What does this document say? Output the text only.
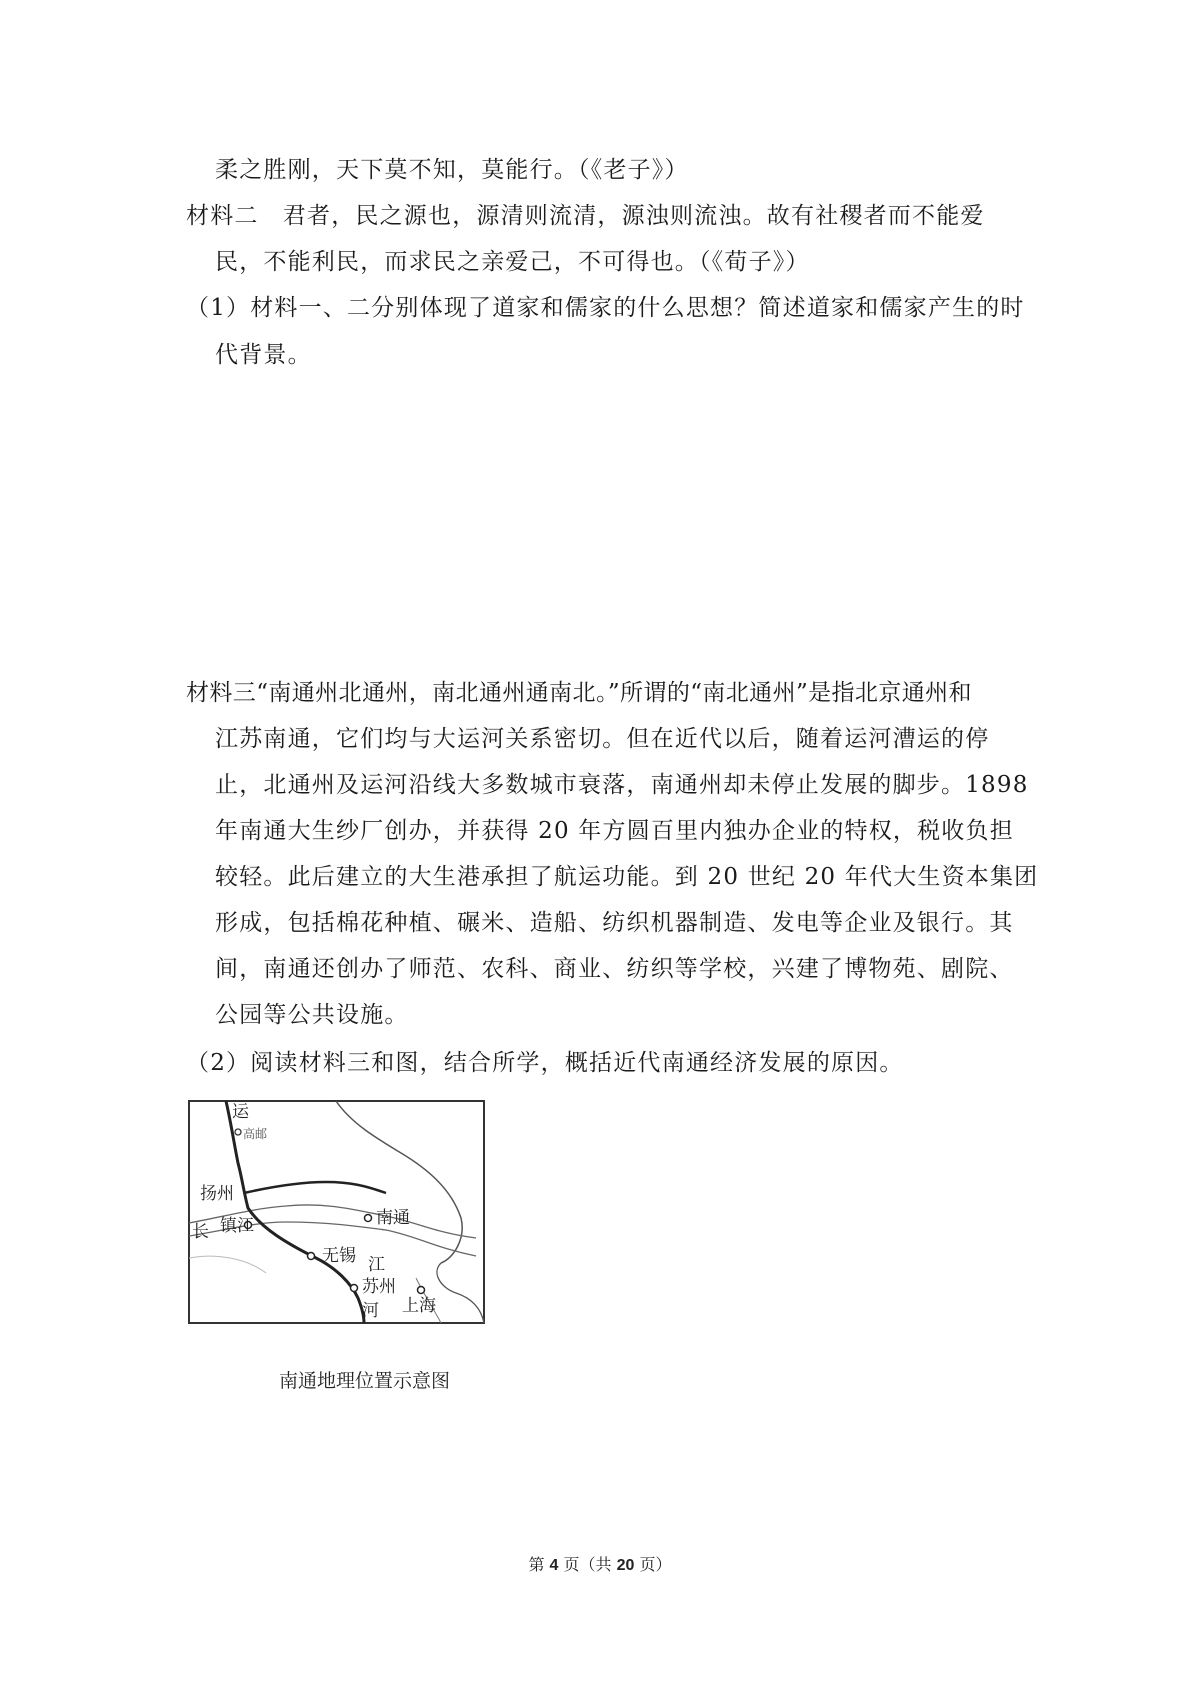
柔之胜刚，天下莫不知，莫能行。（《老子》）
材料二　君者，民之源也，源清则流清，源浊则流浊。故有社稷者而不能爱
民，不能利民，而求民之亲爱己，不可得也。（《荀子》）
（1）材料一、二分别体现了道家和儒家的什么思想？简述道家和儒家产生的时
代背景。
材料三“南通州北通州，南北通州通南北。”所谓的“南北通州”是指北京通州和
江苏南通，它们均与大运河关系密切。但在近代以后，随着运河漕运的停
止，北通州及运河沿线大多数城市衰落，南通州却未停止发展的脚步。1898
年南通大生纱厂创办，并获得 20 年方圆百里内独办企业的特权，税收负担
较轻。此后建立的大生港承担了航运功能。到 20 世纪 20 年代大生资本集团
形成，包括棉花种植、碾米、造船、纺织机器制造、发电等企业及银行。其
间，南通还创办了师范、农科、商业、纺织等学校，兴建了博物苑、剧院、
公园等公共设施。
（2）阅读材料三和图，结合所学，概括近代南通经济发展的原因。
运
高邮
扬州
南通
长 镇江
无锡 江
苏州
河 上海
南通地理位置示意图
第 4 页（共 20 页）
